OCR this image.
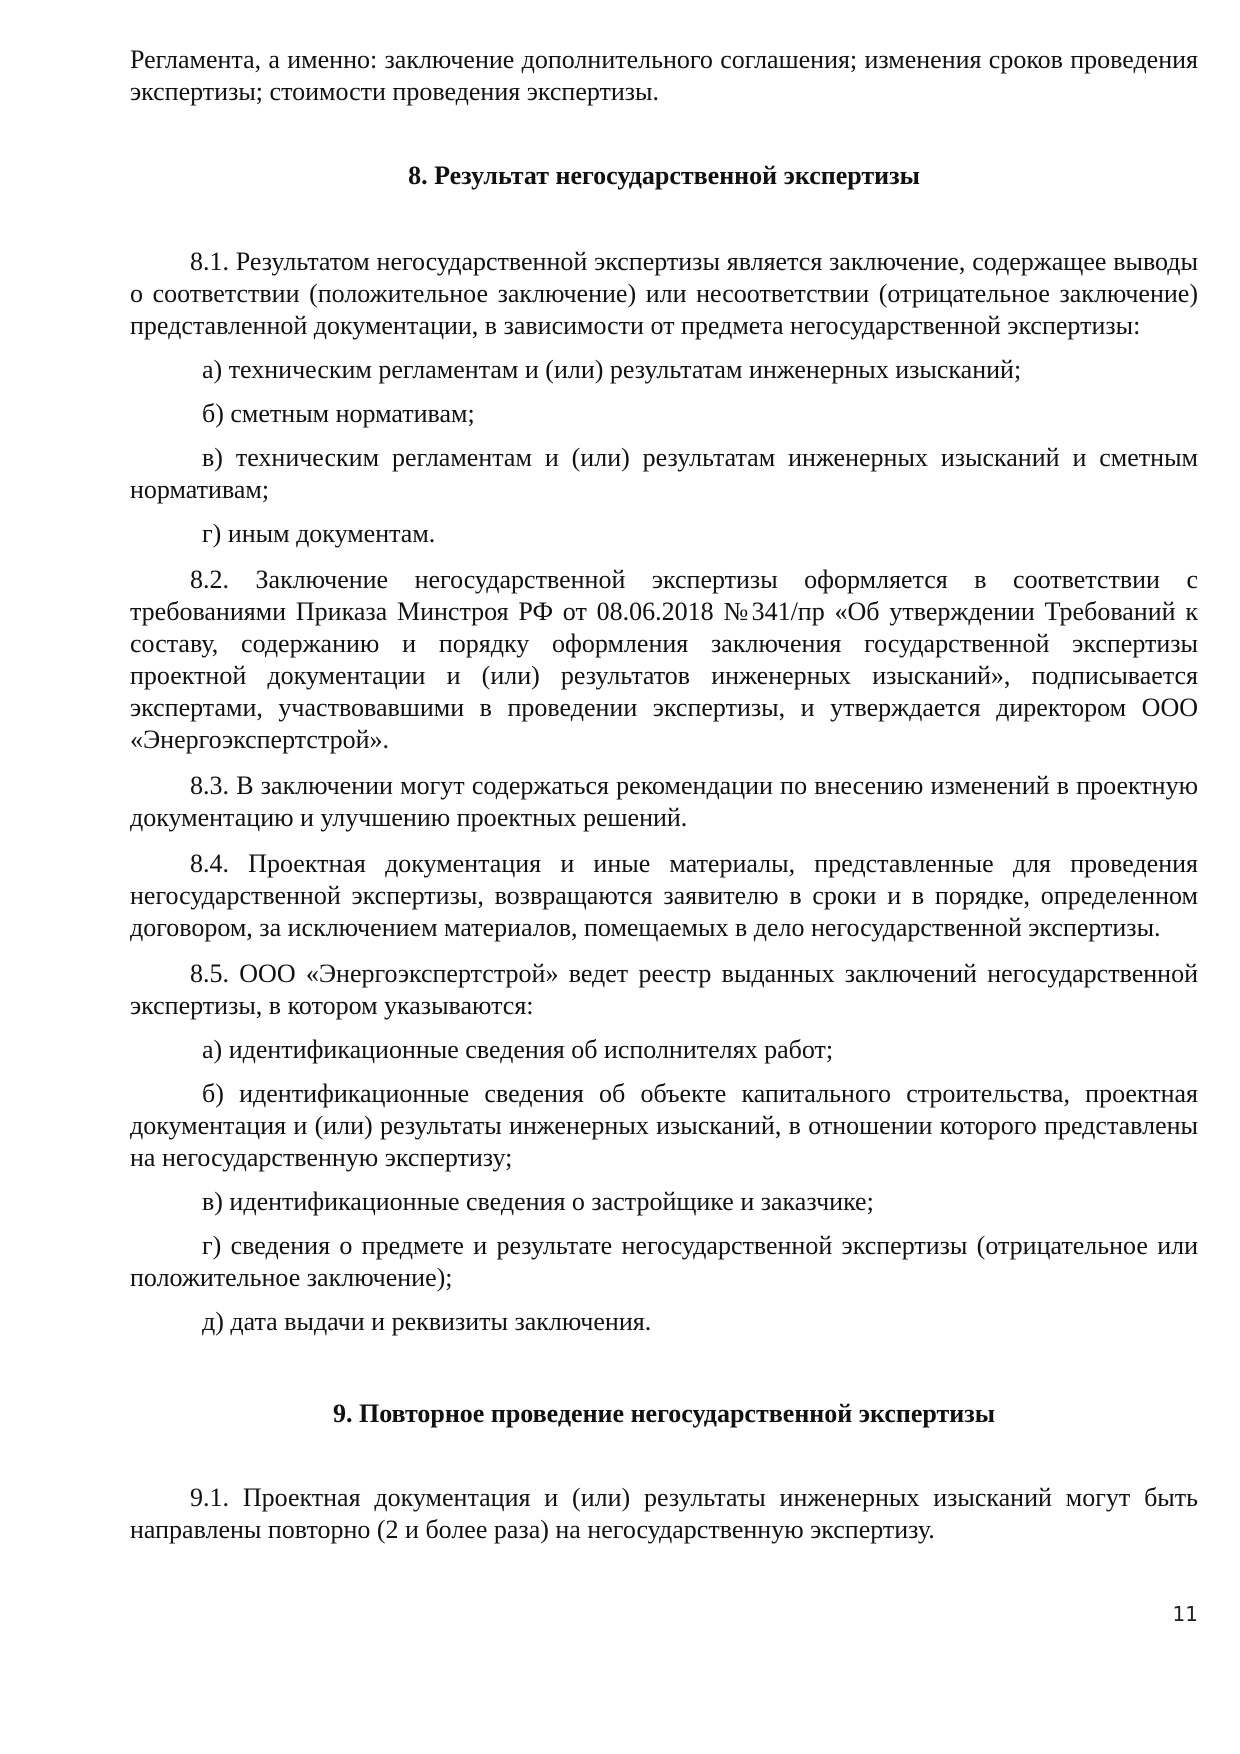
Регламента, а именно: заключение дополнительного соглашения; изменения сроков проведения экспертизы; стоимости проведения экспертизы.

8. Результат негосударственной экспертизы

8.1. Результатом негосударственной экспертизы является заключение, содержащее выводы о соответствии (положительное заключение) или несоответствии (отрицательное заключение) представленной документации, в зависимости от предмета негосударственной экспертизы:

а) техническим регламентам и (или) результатам инженерных изысканий;

б) сметным нормативам;

в) техническим регламентам и (или) результатам инженерных изысканий и сметным нормативам;

г) иным документам.

8.2. Заключение негосударственной экспертизы оформляется в соответствии с требованиями Приказа Минстроя РФ от 08.06.2018 №341/пр «Об утверждении Требований к составу, содержанию и порядку оформления заключения государственной экспертизы проектной документации и (или) результатов инженерных изысканий», подписывается экспертами, участвовавшими в проведении экспертизы, и утверждается директором ООО «Энергоэкспертстрой».

8.3. В заключении могут содержаться рекомендации по внесению изменений в проектную документацию и улучшению проектных решений.

8.4. Проектная документация и иные материалы, представленные для проведения негосударственной экспертизы, возвращаются заявителю в сроки и в порядке, определенном договором, за исключением материалов, помещаемых в дело негосударственной экспертизы.

8.5. ООО «Энергоэкспертстрой» ведет реестр выданных заключений негосударственной экспертизы, в котором указываются:

а) идентификационные сведения об исполнителях работ;

б) идентификационные сведения об объекте капитального строительства, проектная документация и (или) результаты инженерных изысканий, в отношении которого представлены на негосударственную экспертизу;

в) идентификационные сведения о застройщике и заказчике;

г) сведения о предмете и результате негосударственной экспертизы (отрицательное или положительное заключение);

д) дата выдачи и реквизиты заключения.

9. Повторное проведение негосударственной экспертизы

9.1. Проектная документация и (или) результаты инженерных изысканий могут быть направлены повторно (2 и более раза) на негосударственную экспертизу.

11
